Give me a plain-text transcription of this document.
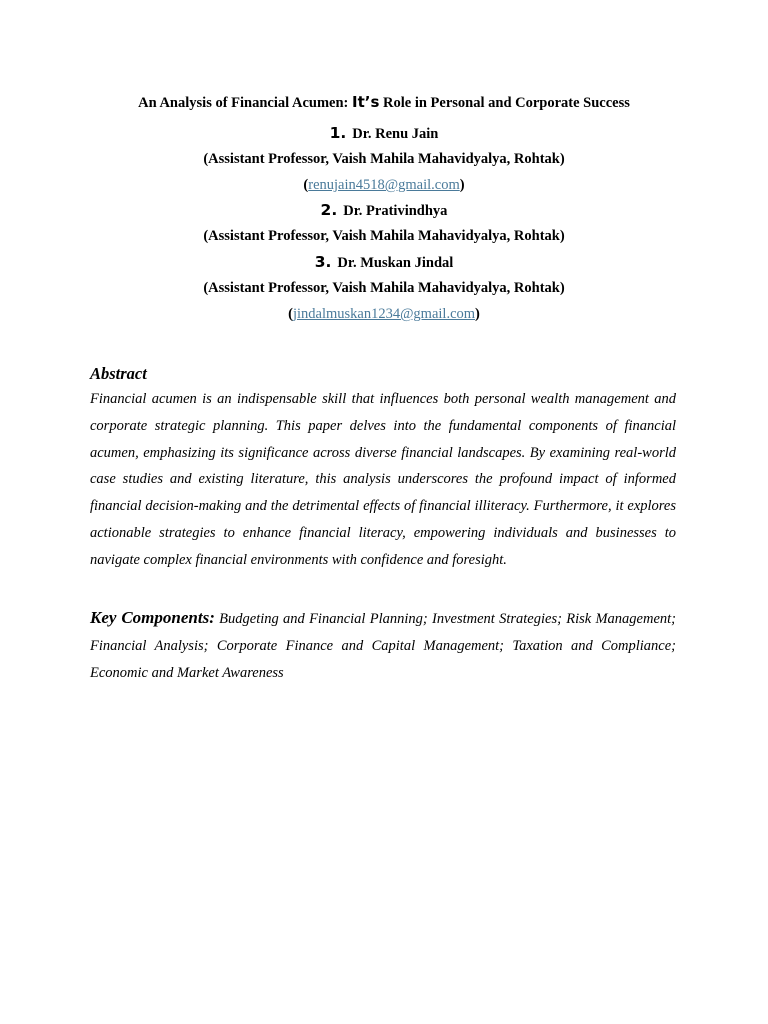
An Analysis of Financial Acumen: It’s Role in Personal and Corporate Success
1. Dr. Renu Jain
(Assistant Professor, Vaish Mahila Mahavidyalya, Rohtak)
(renujain4518@gmail.com)
2. Dr. Prativindhya
(Assistant Professor, Vaish Mahila Mahavidyalya, Rohtak)
3. Dr. Muskan Jindal
(Assistant Professor, Vaish Mahila Mahavidyalya, Rohtak)
(jindalmuskan1234@gmail.com)
Abstract
Financial acumen is an indispensable skill that influences both personal wealth management and corporate strategic planning. This paper delves into the fundamental components of financial acumen, emphasizing its significance across diverse financial landscapes. By examining real-world case studies and existing literature, this analysis underscores the profound impact of informed financial decision-making and the detrimental effects of financial illiteracy. Furthermore, it explores actionable strategies to enhance financial literacy, empowering individuals and businesses to navigate complex financial environments with confidence and foresight.
Key Components: Budgeting and Financial Planning; Investment Strategies; Risk Management; Financial Analysis; Corporate Finance and Capital Management; Taxation and Compliance; Economic and Market Awareness
